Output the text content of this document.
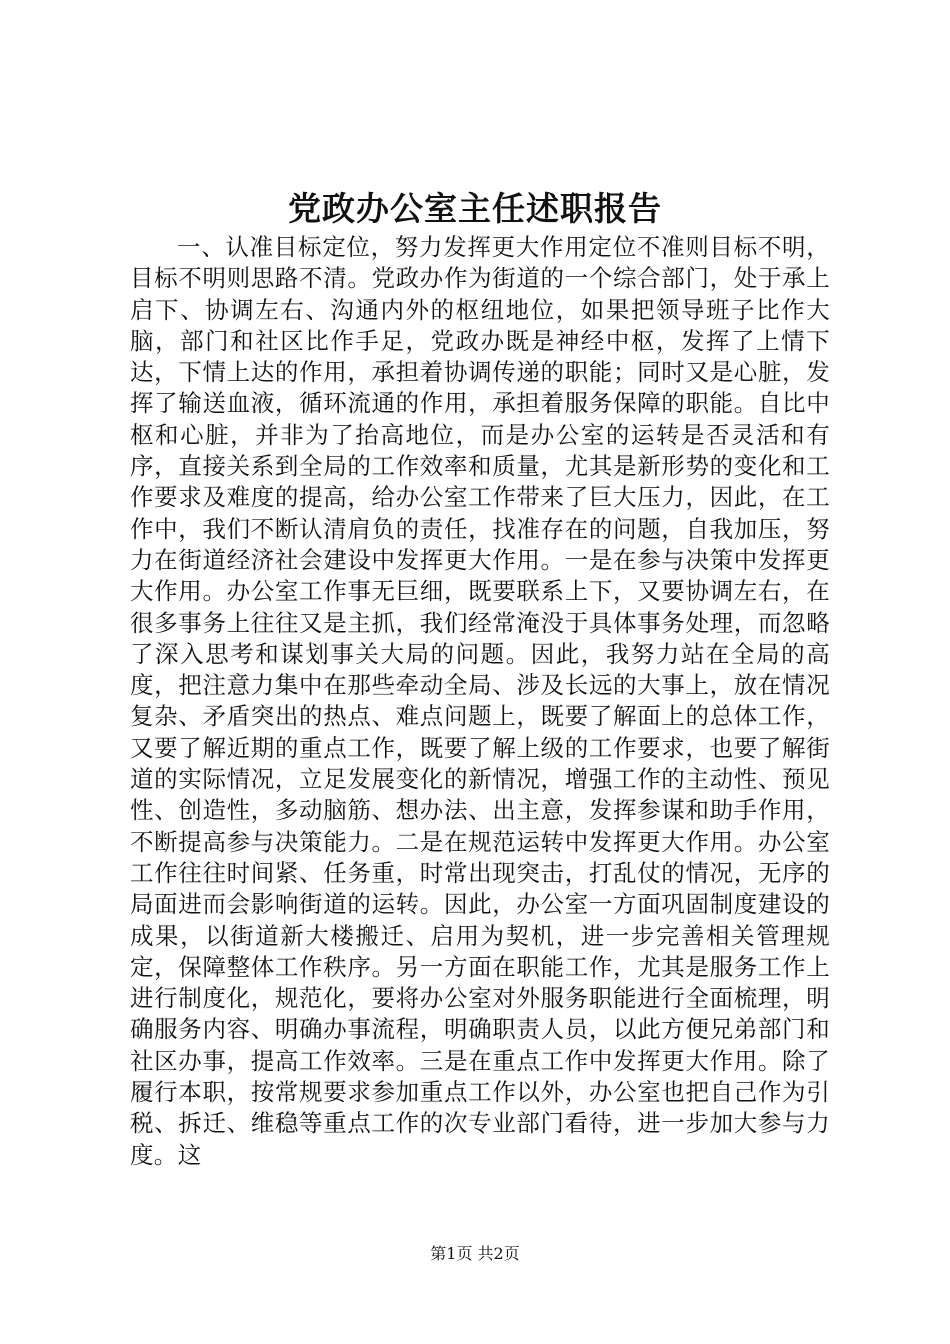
党政办公室主任述职报告

一、认准目标定位，努力发挥更大作用定位不准则目标不明，目标不明则思路不清。党政办作为街道的一个综合部门，处于承上启下、协调左右、沟通内外的枢纽地位，如果把领导班子比作大脑，部门和社区比作手足，党政办既是神经中枢，发挥了上情下达，下情上达的作用，承担着协调传递的职能；同时又是心脏，发挥了输送血液，循环流通的作用，承担着服务保障的职能。自比中枢和心脏，并非为了抬高地位，而是办公室的运转是否灵活和有序，直接关系到全局的工作效率和质量，尤其是新形势的变化和工作要求及难度的提高，给办公室工作带来了巨大压力，因此，在工作中，我们不断认清肩负的责任，找准存在的问题，自我加压，努力在街道经济社会建设中发挥更大作用。一是在参与决策中发挥更大作用。办公室工作事无巨细，既要联系上下，又要协调左右，在很多事务上往往又是主抓，我们经常淹没于具体事务处理，而忽略了深入思考和谋划事关大局的问题。因此，我努力站在全局的高度，把注意力集中在那些牵动全局、涉及长远的大事上，放在情况复杂、矛盾突出的热点、难点问题上，既要了解面上的总体工作，又要了解近期的重点工作，既要了解上级的工作要求，也要了解街道的实际情况，立足发展变化的新情况，增强工作的主动性、预见性、创造性，多动脑筋、想办法、出主意，发挥参谋和助手作用，不断提高参与决策能力。二是在规范运转中发挥更大作用。办公室工作往往时间紧、任务重，时常出现突击，打乱仗的情况，无序的局面进而会影响街道的运转。因此，办公室一方面巩固制度建设的成果，以街道新大楼搬迁、启用为契机，进一步完善相关管理规定，保障整体工作秩序。另一方面在职能工作，尤其是服务工作上进行制度化，规范化，要将办公室对外服务职能进行全面梳理，明确服务内容、明确办事流程，明确职责人员，以此方便兄弟部门和社区办事，提高工作效率。三是在重点工作中发挥更大作用。除了履行本职，按常规要求参加重点工作以外，办公室也把自己作为引税、拆迁、维稳等重点工作的次专业部门看待，进一步加大参与力度。这

第1页 共2页
